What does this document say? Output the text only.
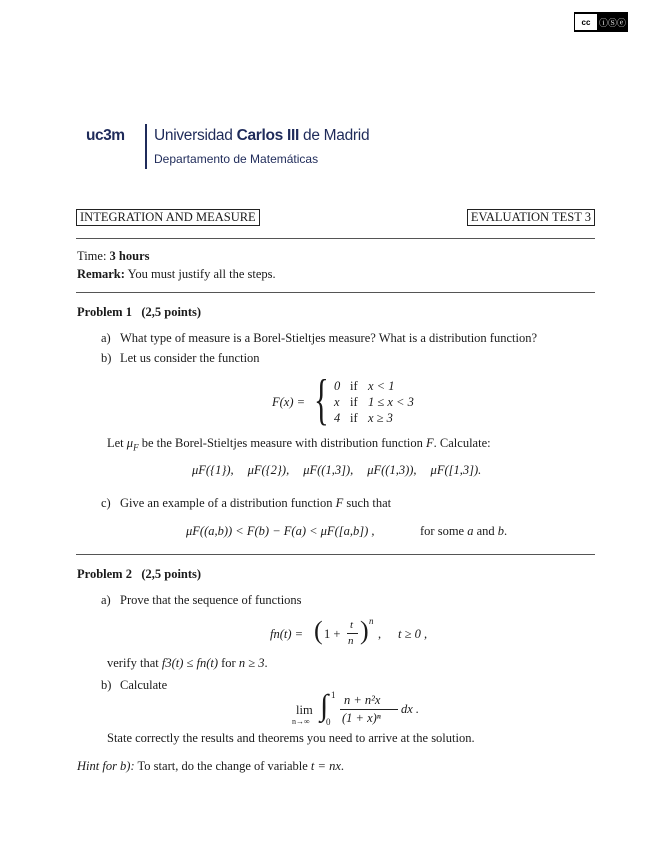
cc ⓘⓈⓔ
uc3m Universidad Carlos III de Madrid
Departamento de Matemáticas
INTEGRATION AND MEASURE	EVALUATION TEST 3
Time: 3 hours
Remark: You must justify all the steps.
Problem 1 (2,5 points)
a) What type of measure is a Borel-Stieltjes measure? What is a distribution function?
b) Let us consider the function
F(x) = { 0 if x < 1
x if 1 ≤ x < 3
4 if x ≥ 3
Let $\mu_F$ be the Borel-Stieltjes measure with distribution function F. Calculate:
μF({1}), μF({2}), μF((1,3]), μF((1,3)), μF([1,3]).
c) Give an example of a distribution function F such that
μF((a,b)) < F(b) − F(a) < μF([a,b]) ,	for some a and b.
Problem 2 (2,5 points)
a) Prove that the sequence of functions
fn(t) = ( 1 +
t
n ) n
, t ≥ 0 ,
verify that f3(t) ≤ fn(t) for n ≥ 3.
b) Calculate
lim
n→∞ ∫ 1
0
n + n²x
(1 + x)ⁿ
dx .
State correctly the results and theorems you need to arrive at the solution.
Hint for b): To start, do the change of variable t = nx.
